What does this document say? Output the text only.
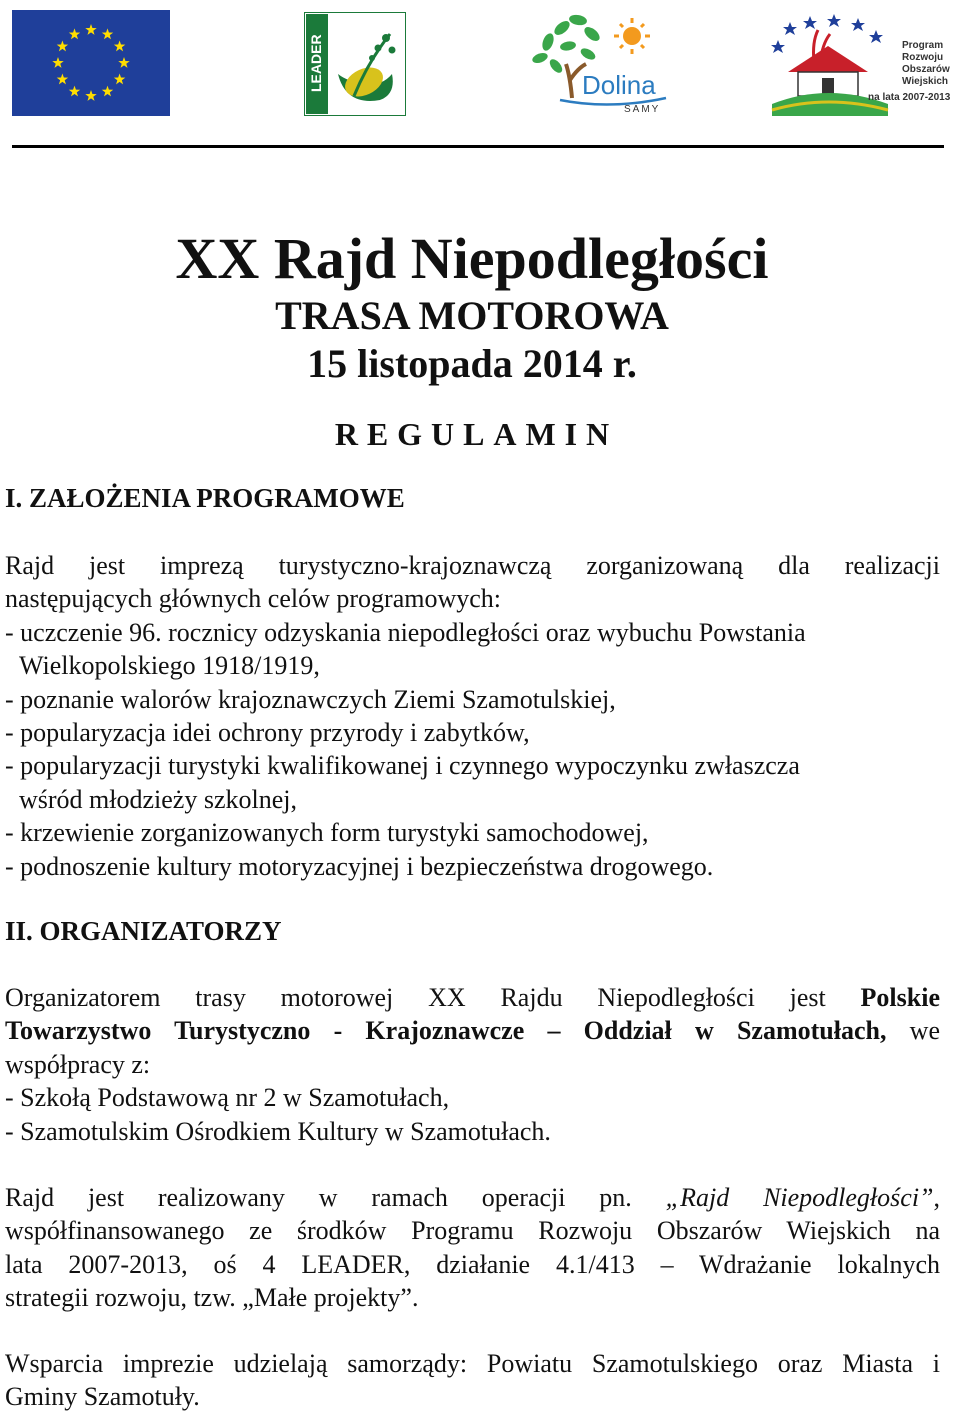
LEADER	Dolina
SAMY
Program
Rozwoju
Obszarów
Wiejskich
na lata 2007-2013
XX Rajd Niepodległości
TRASA MOTOROWA
15 listopada 2014 r.
REGULAMIN
I. ZAŁOŻENIA PROGRAMOWE
Rajd jest imprezą turystyczno-krajoznawczą zorganizowaną dla realizacji
następujących głównych celów programowych:
- uczczenie 96. rocznicy odzyskania niepodległości oraz wybuchu Powstania
Wielkopolskiego 1918/1919,
- poznanie walorów krajoznawczych Ziemi Szamotulskiej,
- popularyzacja idei ochrony przyrody i zabytków,
- popularyzacji turystyki kwalifikowanej i czynnego wypoczynku zwłaszcza
wśród młodzieży szkolnej,
- krzewienie zorganizowanych form turystyki samochodowej,
- podnoszenie kultury motoryzacyjnej i bezpieczeństwa drogowego.
II. ORGANIZATORZY
Organizatorem trasy motorowej XX Rajdu Niepodległości jest Polskie
Towarzystwo Turystyczno - Krajoznawcze – Oddział w Szamotułach, we
współpracy z:
- Szkołą Podstawową nr 2 w Szamotułach,
- Szamotulskim Ośrodkiem Kultury w Szamotułach.
Rajd jest realizowany w ramach operacji pn. „Rajd Niepodległości”,
współfinansowanego ze środków Programu Rozwoju Obszarów Wiejskich na
lata 2007-2013, oś 4 LEADER, działanie 4.1/413 – Wdrażanie lokalnych
strategii rozwoju, tzw. „Małe projekty”.
Wsparcia imprezie udzielają samorządy: Powiatu Szamotulskiego oraz Miasta i
Gminy Szamotuły.
